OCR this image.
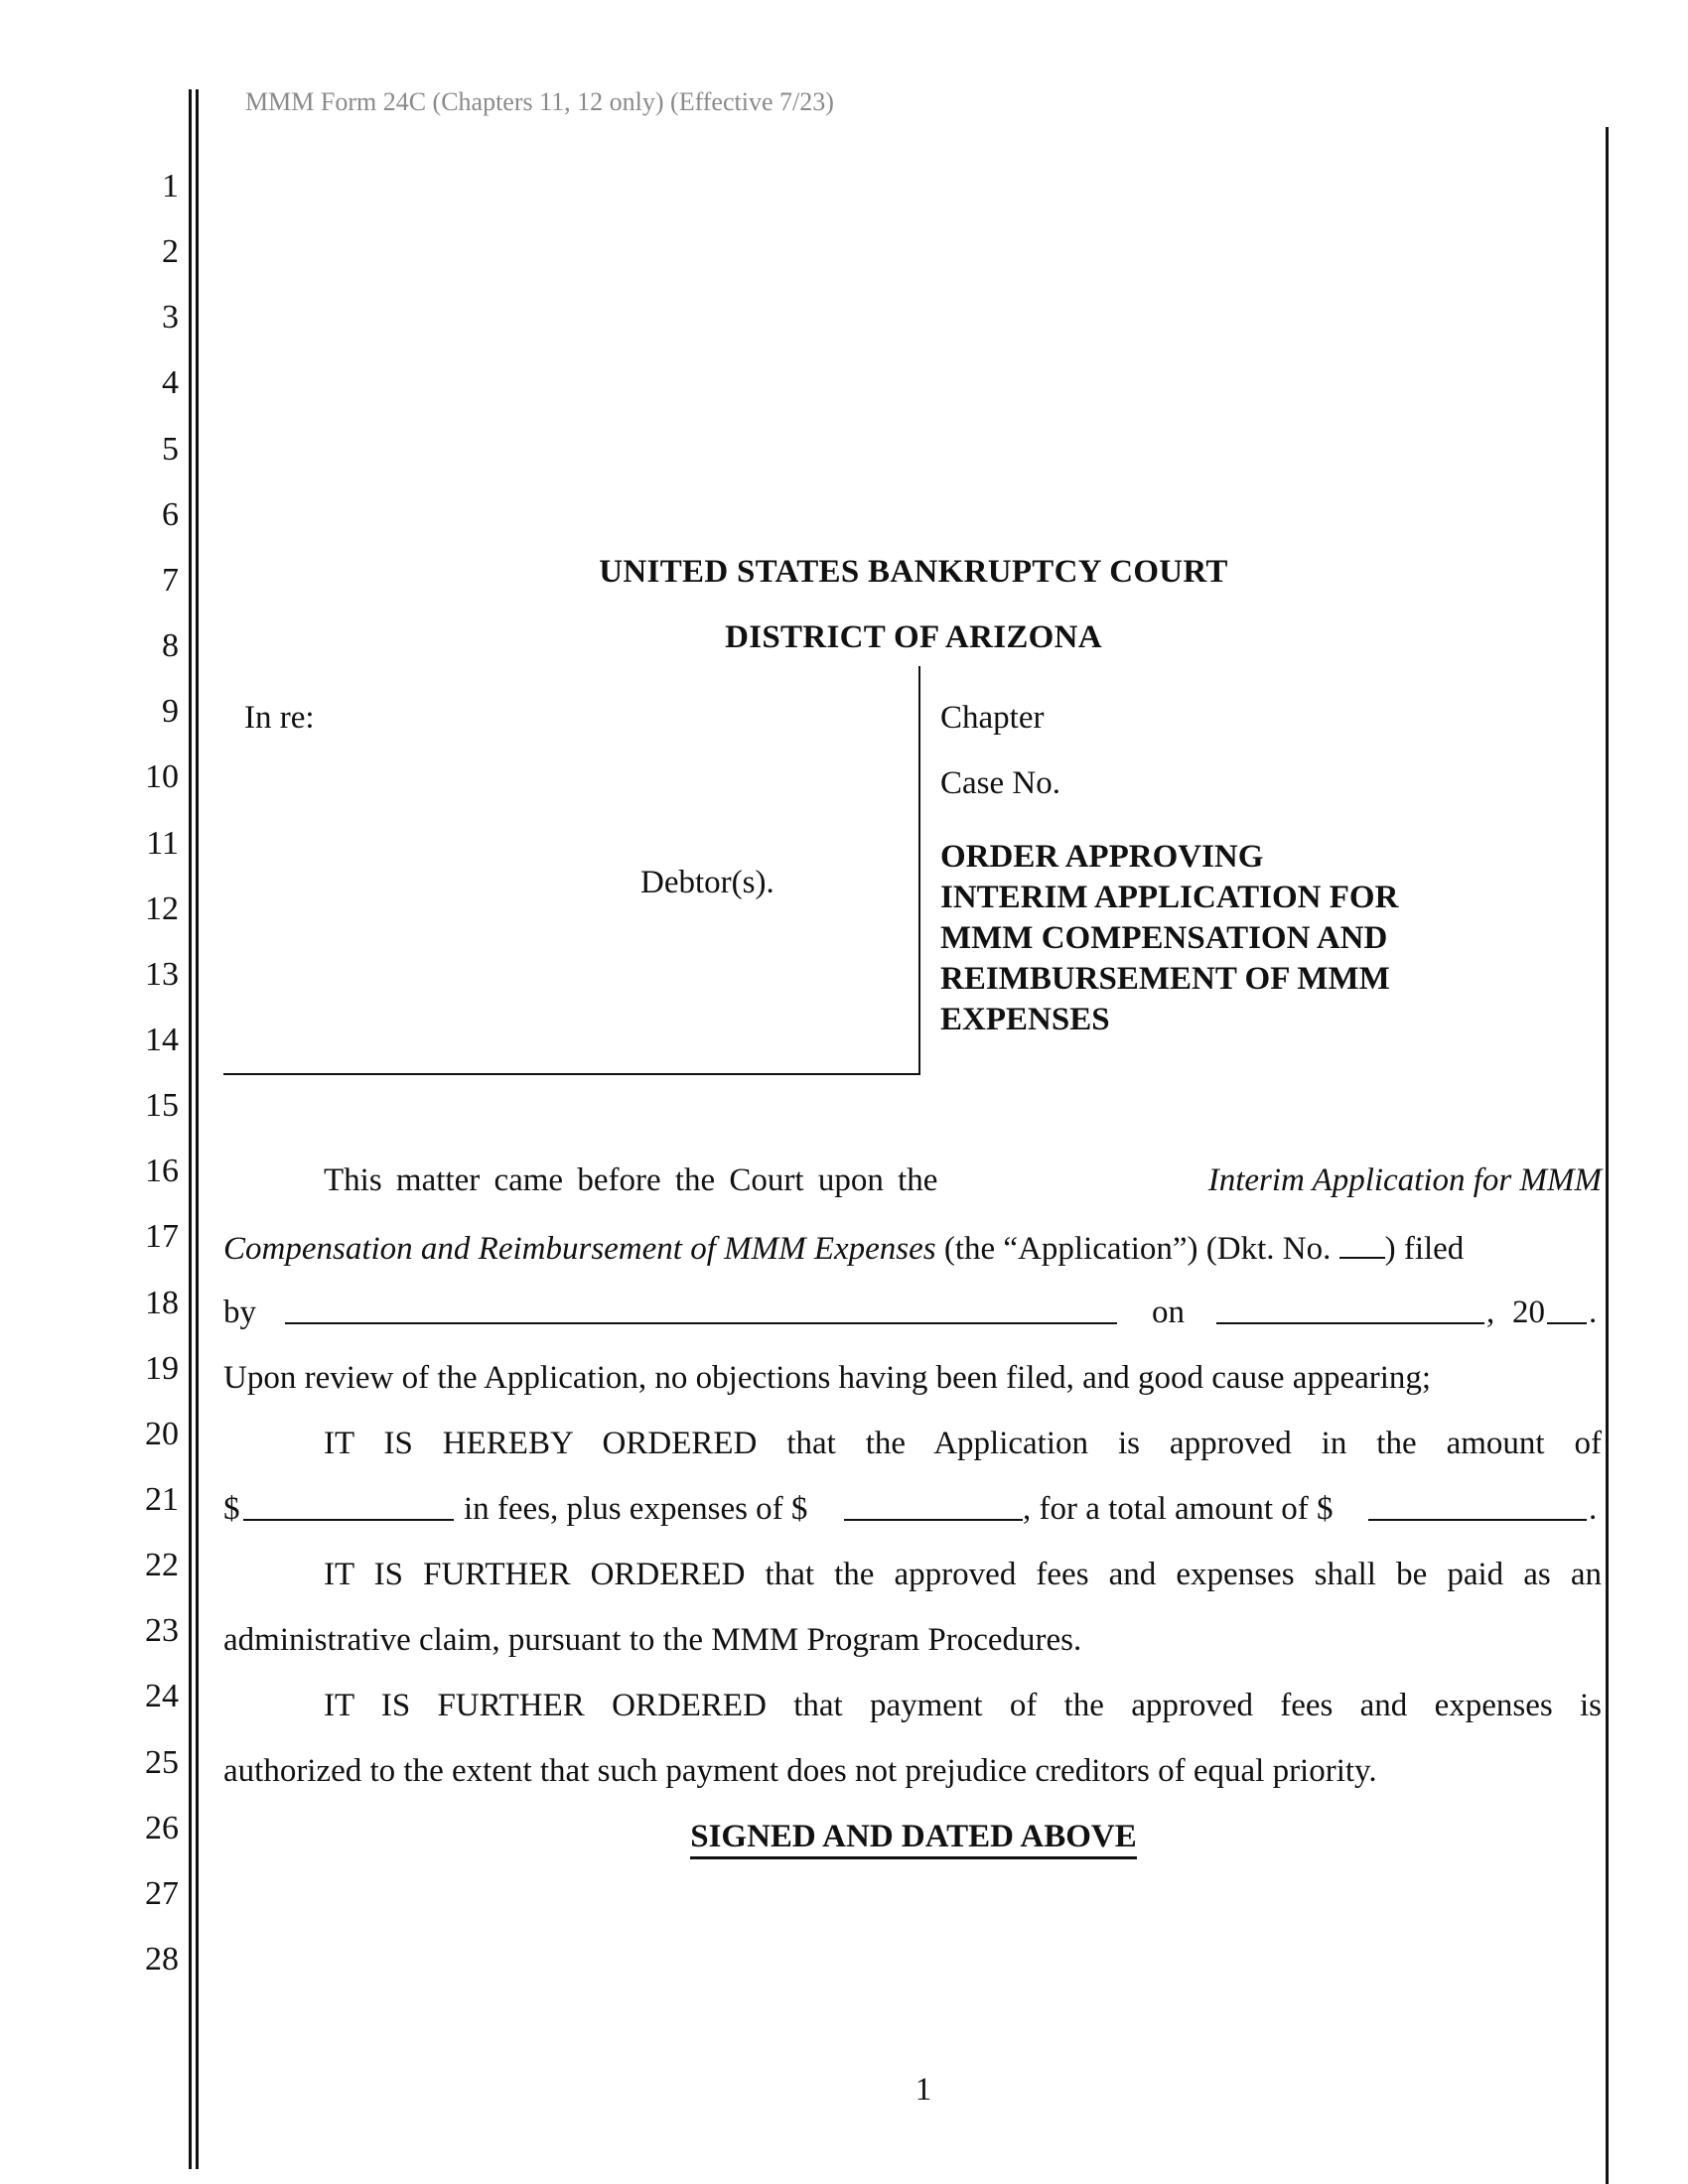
MMM Form 24C (Chapters 11, 12 only) (Effective 7/23)
1
2
3
4
5
6
7
8
9
10
11
12
13
14
15
16
17
18
19
20
21
22
23
24
25
26
27
28
UNITED STATES BANKRUPTCY COURT
DISTRICT OF ARIZONA
In re:
Debtor(s).
Chapter
Case No.
ORDER APPROVING
INTERIM APPLICATION FOR
MMM COMPENSATION AND
REIMBURSEMENT OF MMM
EXPENSES
This matter came before the Court upon the	Interim Application for MMM
Compensation and Reimbursement of MMM Expenses (the “Application”) (Dkt. No. ) filed
by	on	, 20 .
Upon review of the Application, no objections having been filed, and good cause appearing;
IT IS HEREBY ORDERED that the Application is approved in the amount of
$	in fees, plus expenses of $	, for a total amount of $	.
IT IS FURTHER ORDERED that the approved fees and expenses shall be paid as an
administrative claim, pursuant to the MMM Program Procedures.
IT IS FURTHER ORDERED that payment of the approved fees and expenses is
authorized to the extent that such payment does not prejudice creditors of equal priority.
SIGNED AND DATED ABOVE
1
